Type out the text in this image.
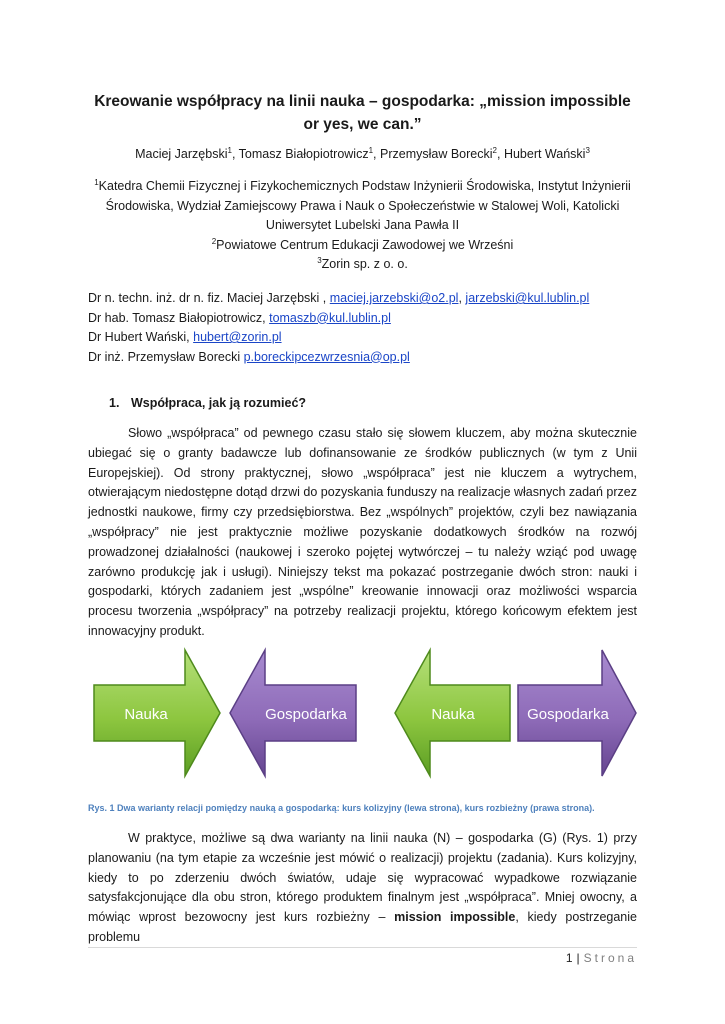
Kreowanie współpracy na linii nauka – gospodarka: „mission impossible or yes, we can.”
Maciej Jarzębski$^1$, Tomasz Białopiotrowicz$^1$, Przemysław Borecki$^2$, Hubert Wański$^3$
$^1$Katedra Chemii Fizycznej i Fizykochemicznych Podstaw Inżynierii Środowiska, Instytut Inżynierii Środowiska, Wydział Zamiejscowy Prawa i Nauk o Społeczeństwie w Stalowej Woli, Katolicki Uniwersytet Lubelski Jana Pawła II
$^2$Powiatowe Centrum Edukacji Zawodowej we Wrześni
$^3$Zorin sp. z o. o.
Dr n. techn. inż. dr n. fiz. Maciej Jarzębski , maciej.jarzebski@o2.pl, jarzebski@kul.lublin.pl
Dr hab. Tomasz Białopiotrowicz, tomaszb@kul.lublin.pl
Dr Hubert Wański, hubert@zorin.pl
Dr inż. Przemysław Borecki p.boreckipcezwrzesnia@op.pl
1. Współpraca, jak ją rozumieć?

Słowo „współpraca” od pewnego czasu stało się słowem kluczem, aby można skutecznie ubiegać się o granty badawcze lub dofinansowanie ze środków publicznych (w tym z Unii Europejskiej). Od strony praktycznej, słowo „współpraca” jest nie kluczem a wytrychem, otwierającym niedostępne dotąd drzwi do pozyskania funduszy na realizacje własnych zadań przez jednostki naukowe, firmy czy przedsiębiorstwa. Bez „wspólnych” projektów, czyli bez nawiązania „współpracy” nie jest praktycznie możliwe pozyskanie dodatkowych środków na rozwój prowadzonej działalności (naukowej i szeroko pojętej wytwórczej – tu należy wziąć pod uwagę zarówno produkcję jak i usługi). Niniejszy tekst ma pokazać postrzeganie dwóch stron: nauki i gospodarki, których zadaniem jest „wspólne” kreowanie innowacji oraz możliwości wsparcia procesu tworzenia „współpracy” na potrzeby realizacji projektu, którego końcowym efektem jest innowacyjny produkt.

Nauka	Gospodarka	Nauka	Gospodarka
Rys. 1 Dwa warianty relacji pomiędzy nauką a gospodarką: kurs kolizyjny (lewa strona), kurs rozbieżny (prawa strona).

W praktyce, możliwe są dwa warianty na linii nauka (N) – gospodarka (G) (Rys. 1) przy planowaniu (na tym etapie za wcześnie jest mówić o realizacji) projektu (zadania). Kurs kolizyjny, kiedy to po zderzeniu dwóch światów, udaje się wypracować wypadkowe rozwiązanie satysfakcjonujące dla obu stron, którego produktem finalnym jest „współpraca”. Mniej owocny, a mówiąc wprost bezowocny jest kurs rozbieżny – mission impossible, kiedy postrzeganie problemu

1 | Strona
